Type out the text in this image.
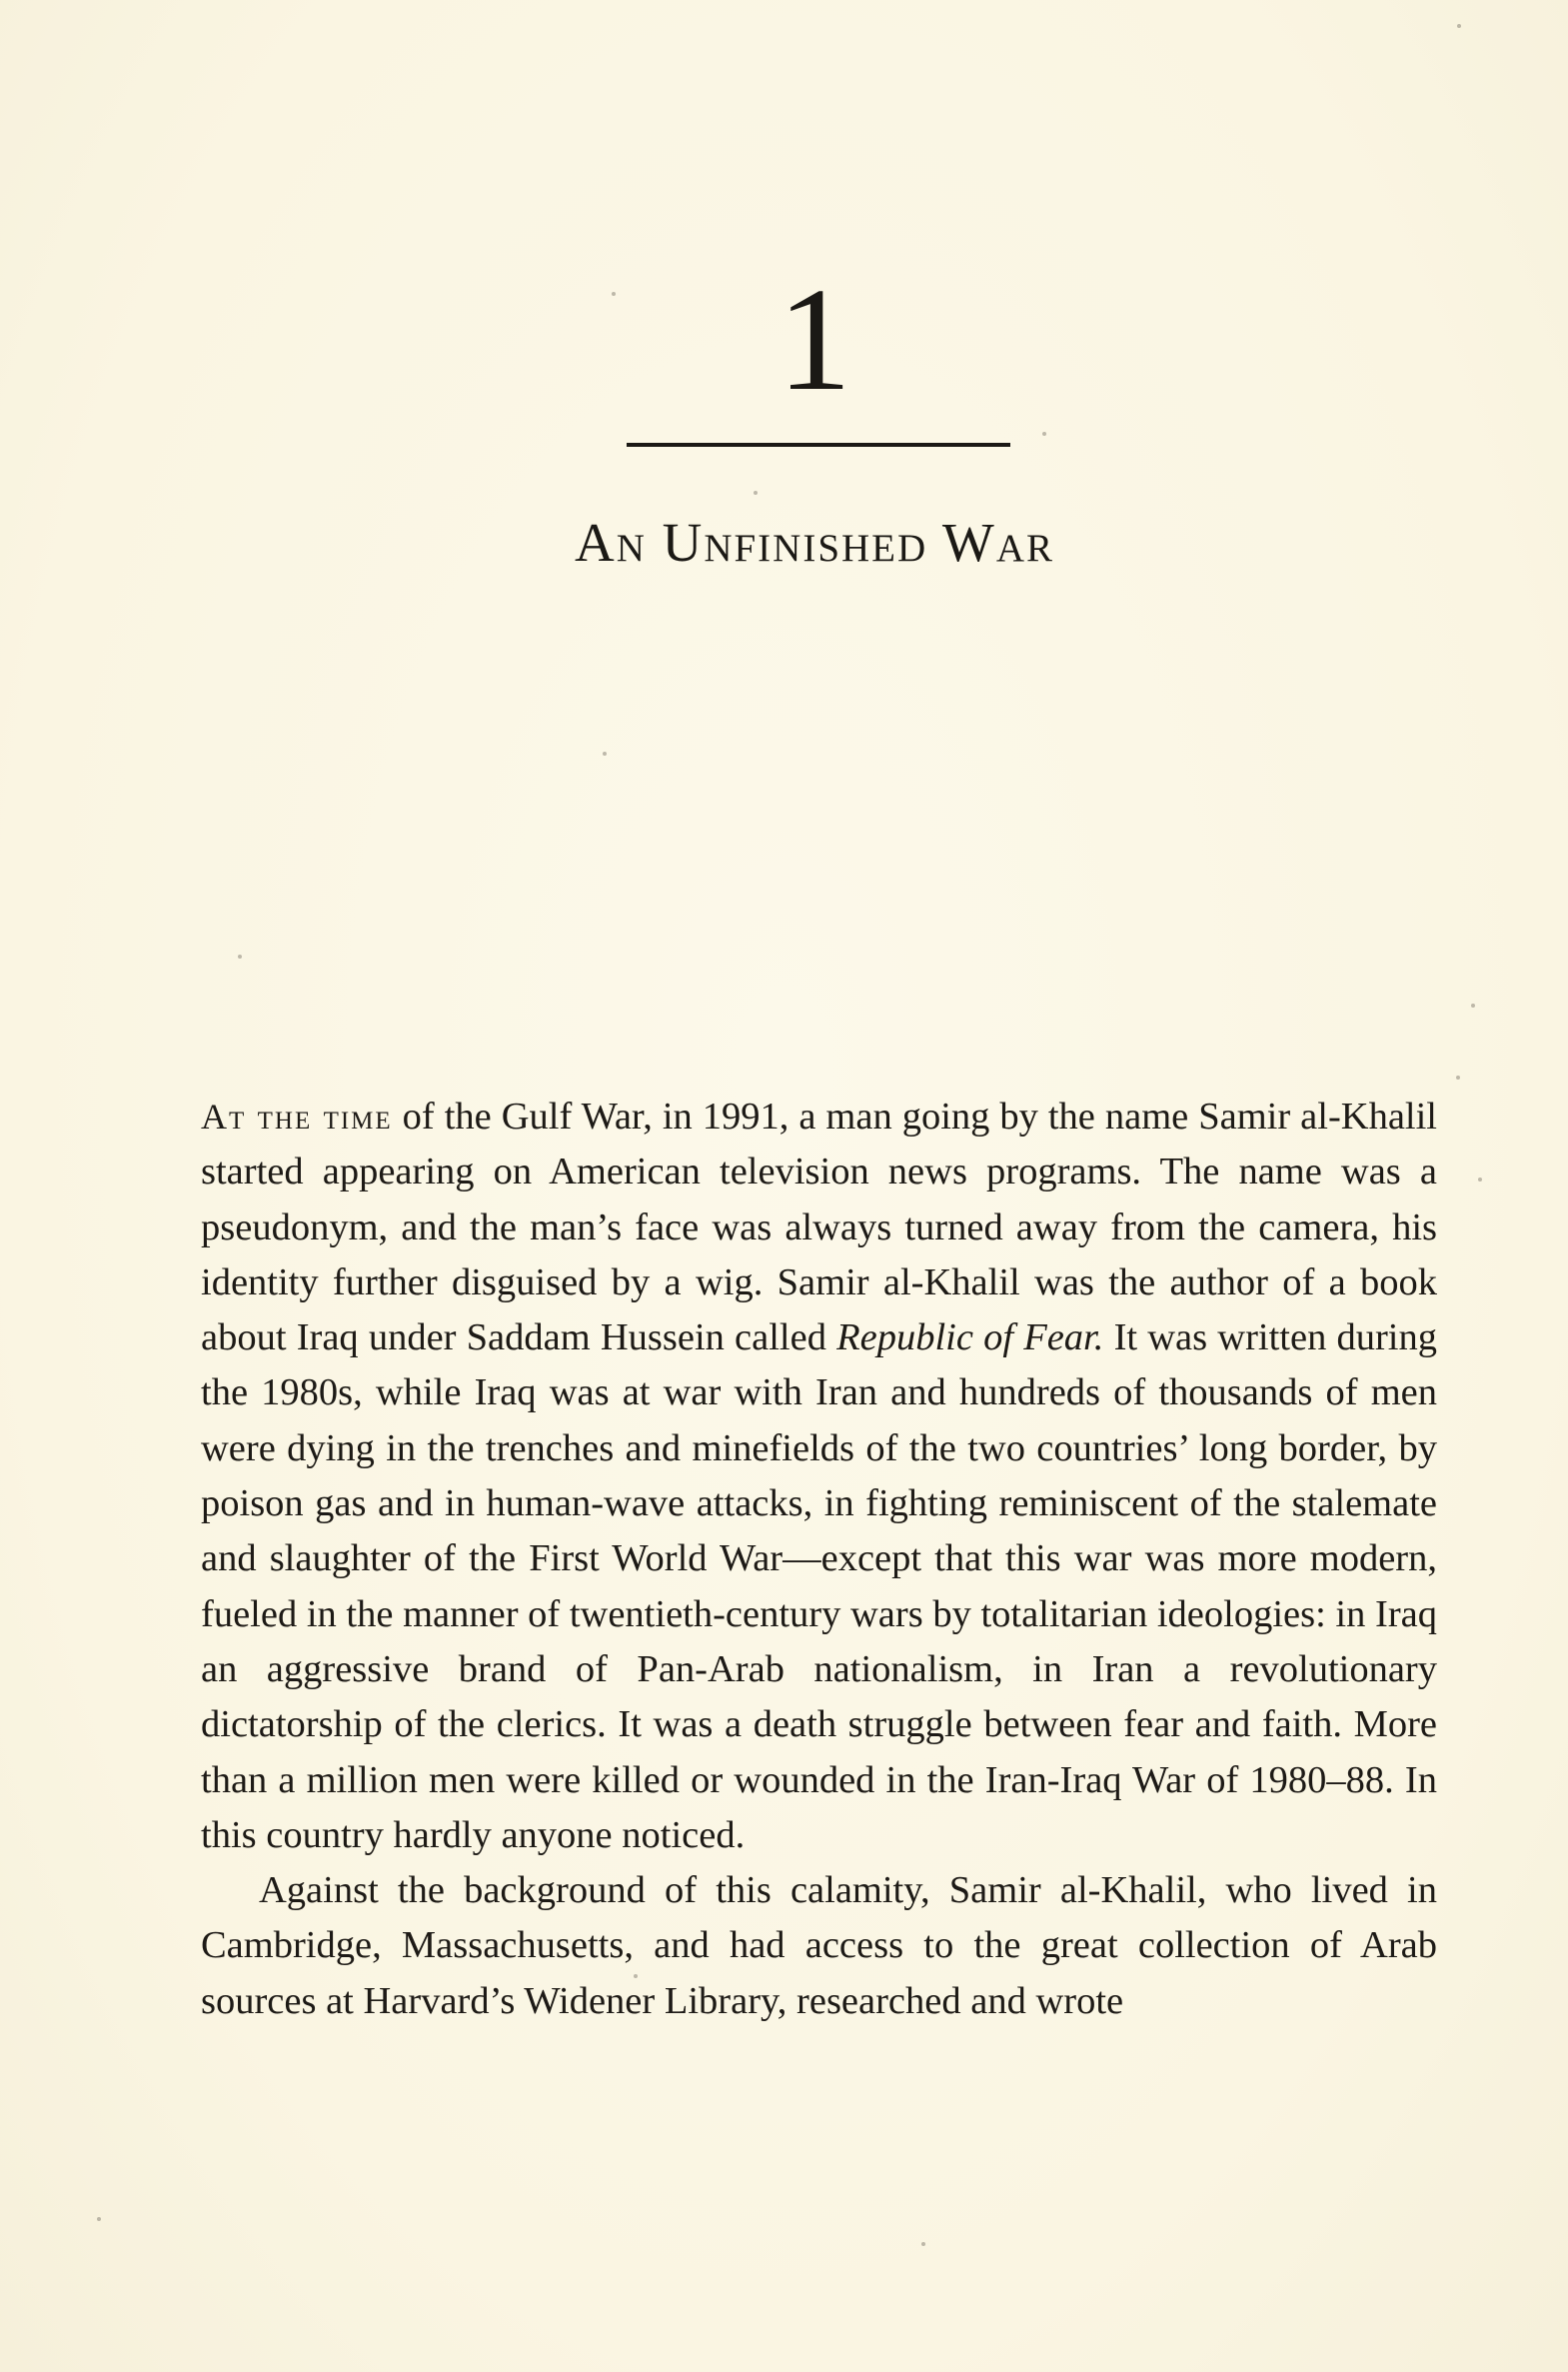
1
An Unfinished War

At the time of the Gulf War, in 1991, a man going by the name Samir al-Khalil started appearing on American television news programs. The name was a pseudonym, and the man’s face was always turned away from the camera, his identity further disguised by a wig. Samir al-Khalil was the author of a book about Iraq under Saddam Hussein called Republic of Fear. It was written during the 1980s, while Iraq was at war with Iran and hundreds of thousands of men were dying in the trenches and minefields of the two countries’ long border, by poison gas and in human-wave attacks, in fighting reminiscent of the stalemate and slaughter of the First World War—except that this war was more modern, fueled in the manner of twentieth-century wars by totalitarian ideologies: in Iraq an aggressive brand of Pan-Arab nationalism, in Iran a revolutionary dictatorship of the clerics. It was a death struggle between fear and faith. More than a million men were killed or wounded in the Iran-Iraq War of 1980–88. In this country hardly anyone noticed.

Against the background of this calamity, Samir al-Khalil, who lived in Cambridge, Massachusetts, and had access to the great collection of Arab sources at Harvard’s Widener Library, researched and wrote
